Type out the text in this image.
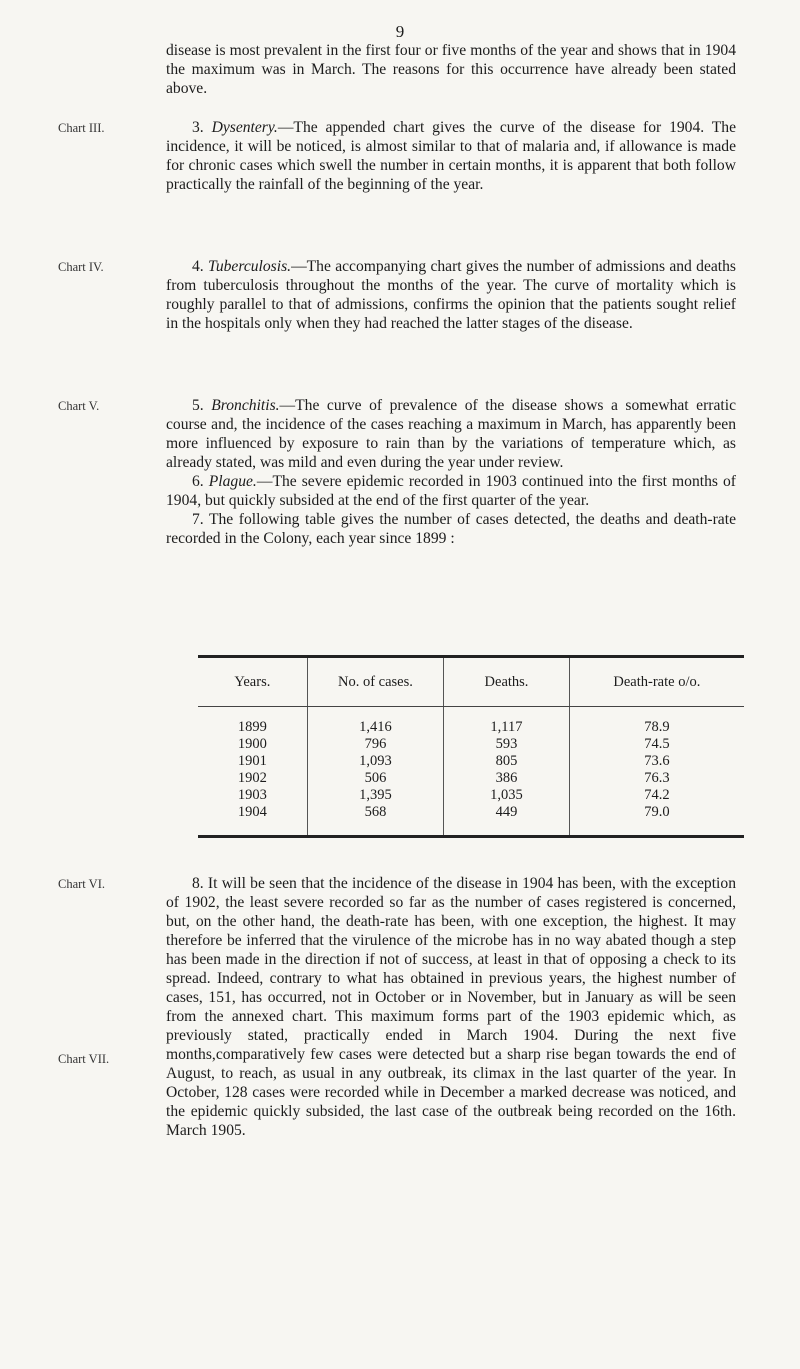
9

disease is most prevalent in the first four or five months of the year and shows that in 1904 the maximum was in March. The reasons for this occurrence have already been stated above.

Chart III.	3. Dysentery.—The appended chart gives the curve of the disease for 1904. The incidence, it will be noticed, is almost similar to that of malaria and, if allowance is made for chronic cases which swell the number in certain months, it is apparent that both follow practically the rainfall of the beginning of the year.

Chart IV.	4. Tuberculosis.—The accompanying chart gives the number of admissions and deaths from tuberculosis throughout the months of the year. The curve of mortality which is roughly parallel to that of admissions, confirms the opinion that the patients sought relief in the hospitals only when they had reached the latter stages of the disease.

Chart V.	5. Bronchitis.—The curve of prevalence of the disease shows a somewhat erratic course and, the incidence of the cases reaching a maximum in March, has apparently been more influenced by exposure to rain than by the variations of temperature which, as already stated, was mild and even during the year under review.

6. Plague.—The severe epidemic recorded in 1903 continued into the first months of 1904, but quickly subsided at the end of the first quarter of the year.

7. The following table gives the number of cases detected, the deaths and death-rate recorded in the Colony, each year since 1899 :

Years.	No. of cases.	Deaths.	Death-rate o/o.
1899	1,416	1,117	78.9
1900	796	593	74.5
1901	1,093	805	73.6
1902	506	386	76.3
1903	1,395	1,035	74.2
1904	568	449	79.0

Chart VI.
Chart VII.

8. It will be seen that the incidence of the disease in 1904 has been, with the exception of 1902, the least severe recorded so far as the number of cases registered is concerned, but, on the other hand, the death-rate has been, with one exception, the highest. It may therefore be inferred that the virulence of the microbe has in no way abated though a step has been made in the direction if not of success, at least in that of opposing a check to its spread. Indeed, contrary to what has obtained in previous years, the highest number of cases, 151, has occurred, not in October or in November, but in January as will be seen from the annexed chart. This maximum forms part of the 1903 epidemic which, as previously stated, practically ended in March 1904. During the next five months,comparatively few cases were detected but a sharp rise began towards the end of August, to reach, as usual in any outbreak, its climax in the last quarter of the year. In October, 128 cases were recorded while in December a marked decrease was noticed, and the epidemic quickly subsided, the last case of the outbreak being recorded on the 16th. March 1905.
